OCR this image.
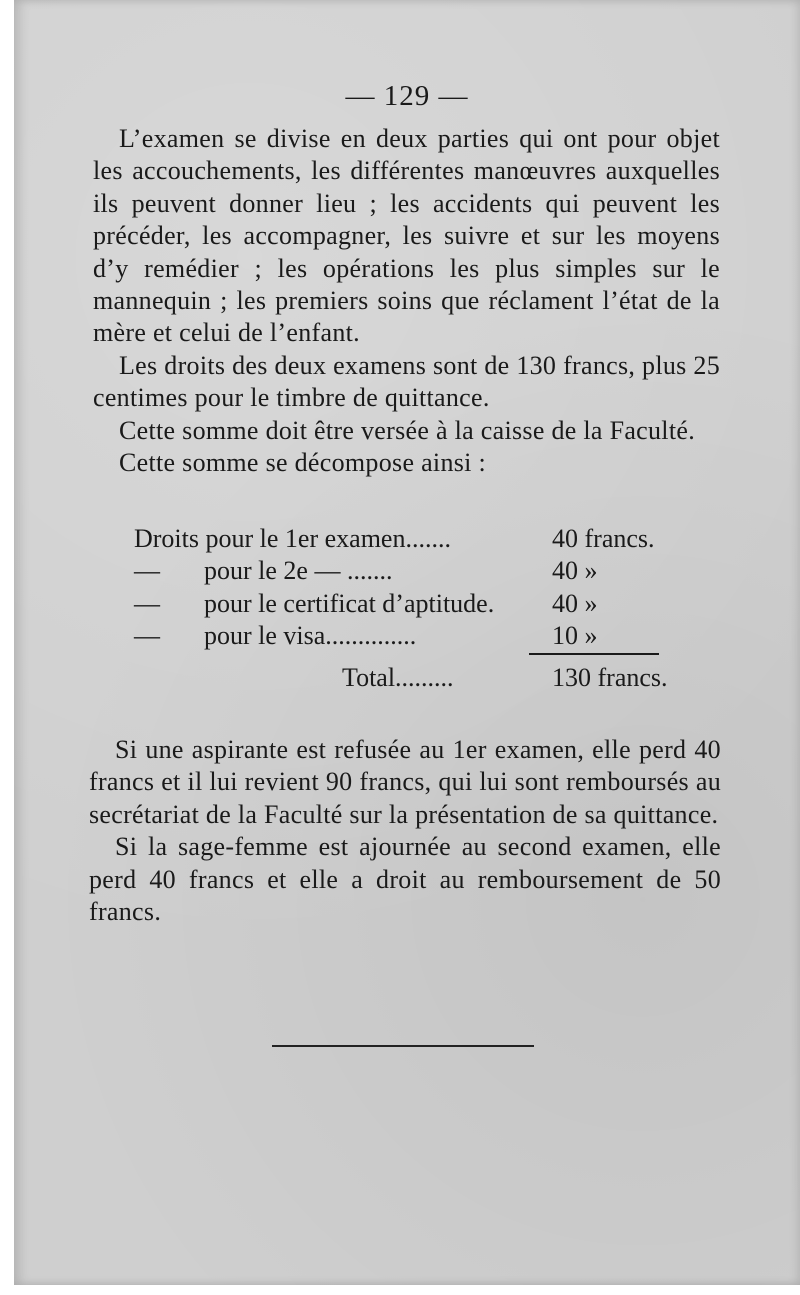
— 129 —

L’examen se divise en deux parties qui ont pour objet les accouchements, les différentes manœuvres auxquelles ils peuvent donner lieu ; les accidents qui peuvent les précéder, les accompagner, les suivre et sur les moyens d’y remédier ; les opérations les plus simples sur le mannequin ; les premiers soins que réclament l’état de la mère et celui de l’enfant.

Les droits des deux examens sont de 130 francs, plus 25 centimes pour le timbre de quittance.

Cette somme doit être versée à la caisse de la Faculté.

Cette somme se décompose ainsi :

Droits pour le 1er examen.......	40 francs.
— pour le 2e — .......	40 »
— pour le certificat d’aptitude. 40 »
— pour le visa..............	10 »
Total.........	130 francs.

Si une aspirante est refusée au 1er examen, elle perd 40 francs et il lui revient 90 francs, qui lui sont remboursés au secrétariat de la Faculté sur la présentation de sa quittance.

Si la sage-femme est ajournée au second examen, elle perd 40 francs et elle a droit au remboursement de 50 francs.
